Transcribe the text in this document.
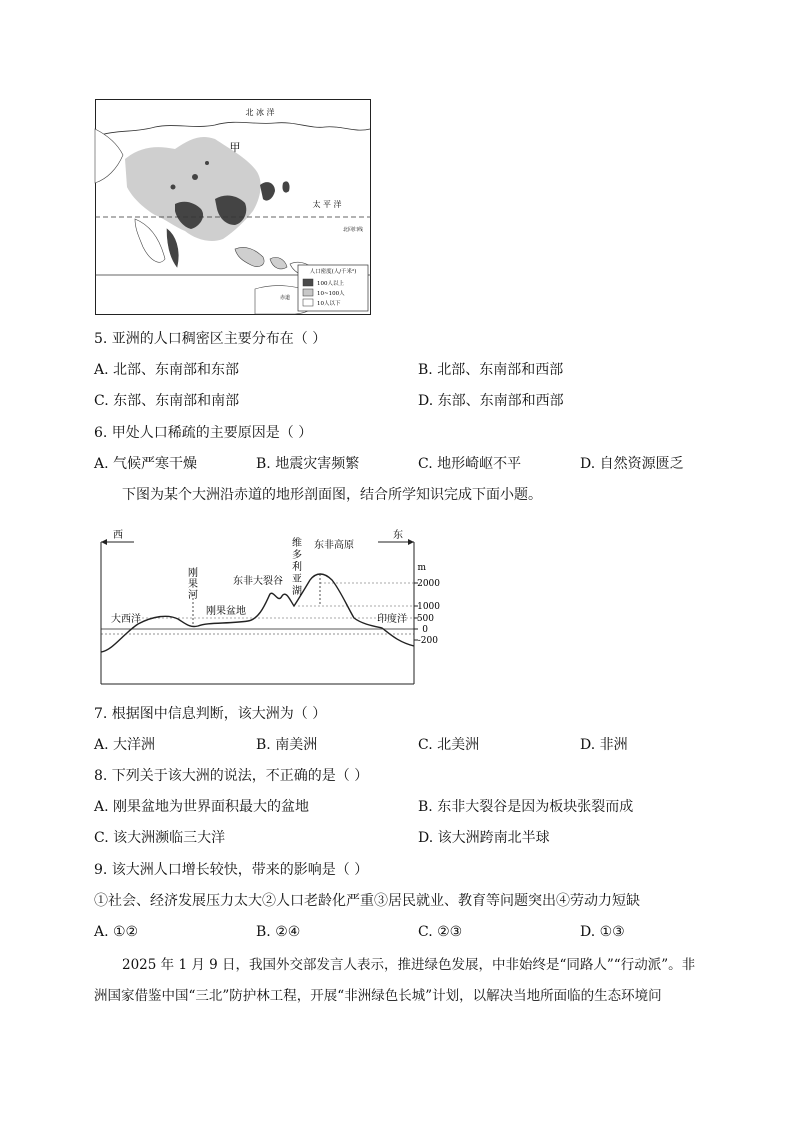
北 冰 洋
甲
太 平 洋
北回归线
赤道
人口密度(人/千米²)
100人以上
10~100人
10人以下
5. 亚洲的人口稠密区主要分布在（ ）
A. 北部、东南部和东部	B. 北部、东南部和西部
C. 东部、东南部和南部	D. 东部、东南部和西部
6. 甲处人口稀疏的主要原因是（ ）
A. 气候严寒干燥	B. 地震灾害频繁	C. 地形崎岖不平	D. 自然资源匮乏
下图为某个大洲沿赤道的地形剖面图，结合所学知识完成下面小题。
西	东
m
2000
1000
500
0
-200
大西洋
刚果盆地
东非大裂谷
东非高原
印度洋
刚
果
河
维
多
利
亚
湖
7. 根据图中信息判断，该大洲为（ ）
A. 大洋洲	B. 南美洲	C. 北美洲	D. 非洲
8. 下列关于该大洲的说法，不正确的是（ ）
A. 刚果盆地为世界面积最大的盆地	B. 东非大裂谷是因为板块张裂而成
C. 该大洲濒临三大洋	D. 该大洲跨南北半球
9. 该大洲人口增长较快，带来的影响是（ ）
①社会、经济发展压力太大②人口老龄化严重③居民就业、教育等问题突出④劳动力短缺
A. ①②	B. ②④	C. ②③	D. ①③
2025 年 1 月 9 日，我国外交部发言人表示，推进绿色发展，中非始终是“同路人”“行动派”。非
洲国家借鉴中国“三北”防护林工程，开展“非洲绿色长城”计划，以解决当地所面临的生态环境问
